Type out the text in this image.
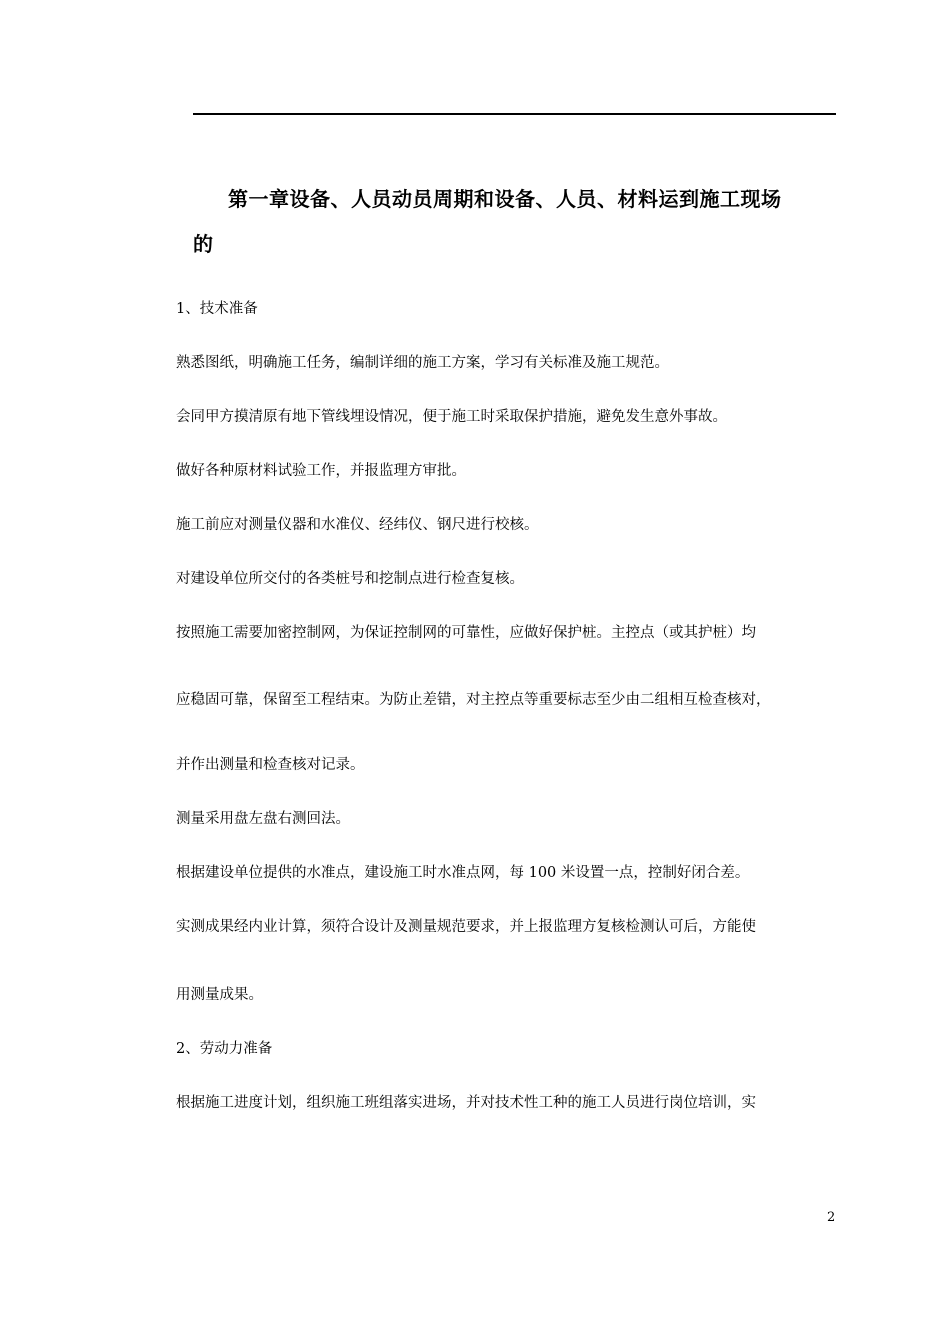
第一章设备、人员动员周期和设备、人员、材料运到施工现场
的
1、技术准备
熟悉图纸，明确施工任务，编制详细的施工方案，学习有关标准及施工规范。
会同甲方摸清原有地下管线埋设情况，便于施工时采取保护措施，避免发生意外事故。
做好各种原材料试验工作，并报监理方审批。
施工前应对测量仪器和水准仪、经纬仪、钢尺进行校核。
对建设单位所交付的各类桩号和挖制点进行检查复核。
按照施工需要加密控制网，为保证控制网的可靠性，应做好保护桩。主控点（或其护桩）均
应稳固可靠，保留至工程结束。为防止差错，对主控点等重要标志至少由二组相互检查核对，
并作出测量和检查核对记录。
测量采用盘左盘右测回法。
根据建设单位提供的水准点，建设施工时水准点网，每 100 米设置一点，控制好闭合差。
实测成果经内业计算，须符合设计及测量规范要求，并上报监理方复核检测认可后，方能使
用测量成果。
2、劳动力准备
根据施工进度计划，组织施工班组落实进场，并对技术性工种的施工人员进行岗位培训，实
2
